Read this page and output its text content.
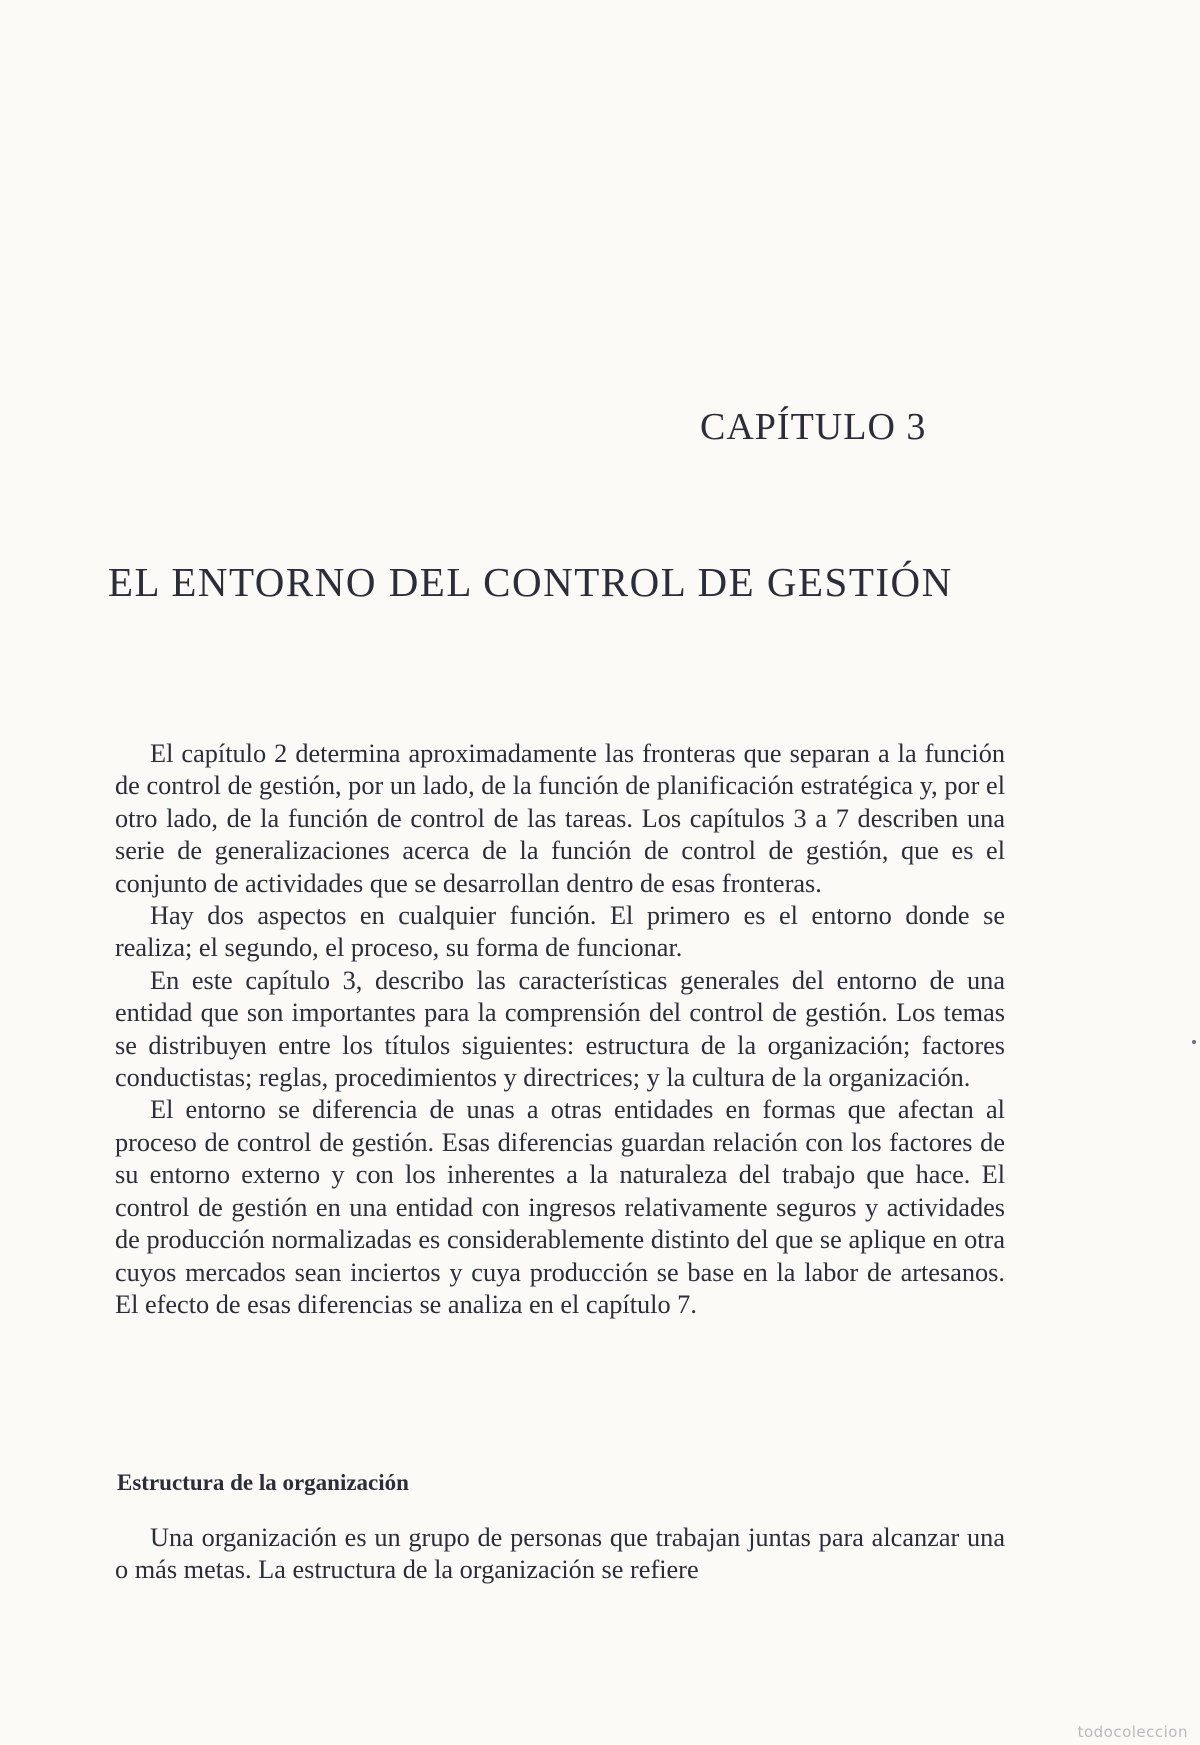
CAPÍTULO 3
EL ENTORNO DEL CONTROL DE GESTIÓN

El capítulo 2 determina aproximadamente las fronteras que separan a la función de control de gestión, por un lado, de la función de planificación estratégica y, por el otro lado, de la función de control de las tareas. Los capítulos 3 a 7 describen una serie de generalizaciones acerca de la función de control de gestión, que es el conjunto de actividades que se desarrollan dentro de esas fronteras.

Hay dos aspectos en cualquier función. El primero es el entorno donde se realiza; el segundo, el proceso, su forma de funcionar.

En este capítulo 3, describo las características generales del entorno de una entidad que son importantes para la comprensión del control de gestión. Los temas se distribuyen entre los títulos siguientes: estructura de la organización; factores conductistas; reglas, procedimientos y directrices; y la cultura de la organización.

El entorno se diferencia de unas a otras entidades en formas que afectan al proceso de control de gestión. Esas diferencias guardan relación con los factores de su entorno externo y con los inherentes a la naturaleza del trabajo que hace. El control de gestión en una entidad con ingresos relativamente seguros y actividades de producción normalizadas es considerablemente distinto del que se aplique en otra cuyos mercados sean inciertos y cuya producción se base en la labor de artesanos. El efecto de esas diferencias se analiza en el capítulo 7.

Estructura de la organización

Una organización es un grupo de personas que trabajan juntas para alcanzar una o más metas. La estructura de la organización se refiere

todocoleccion
